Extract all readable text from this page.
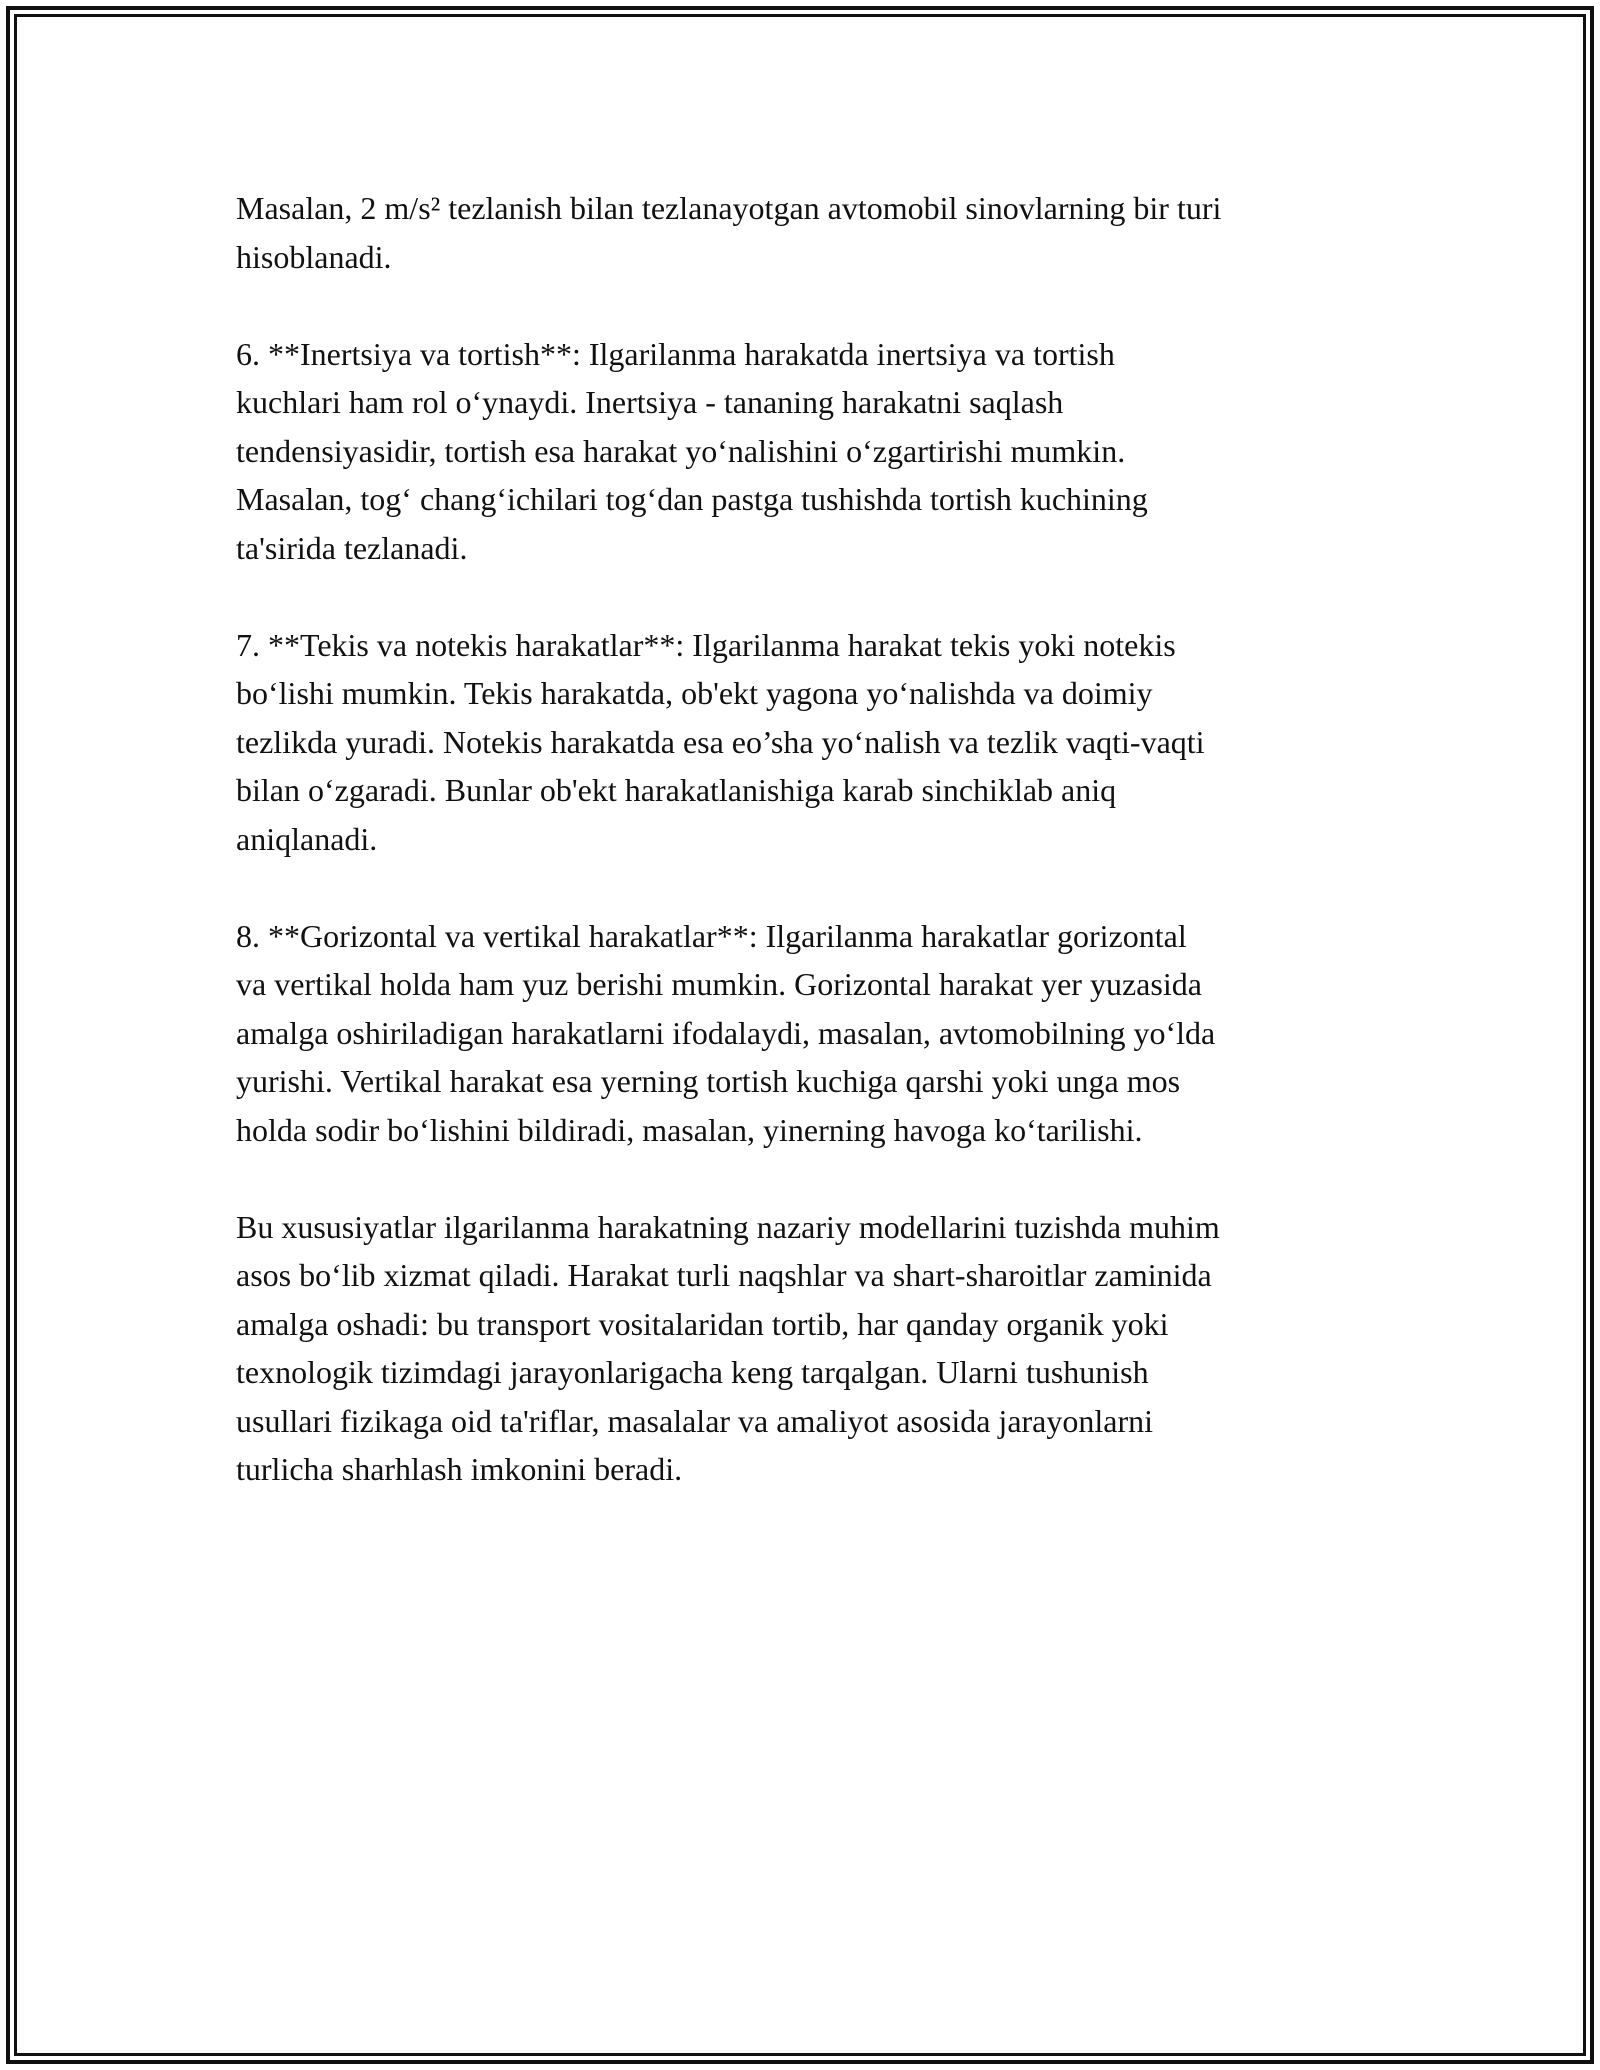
Masalan, 2 m/s² tezlanish bilan tezlanayotgan avtomobil sinovlarning bir turi
hisoblanadi.

6. **Inertsiya va tortish**: Ilgarilanma harakatda inertsiya va tortish
kuchlari ham rol o‘ynaydi. Inertsiya - tananing harakatni saqlash
tendensiyasidir, tortish esa harakat yo‘nalishini o‘zgartirishi mumkin.
Masalan, tog‘ chang‘ichilari tog‘dan pastga tushishda tortish kuchining
ta'sirida tezlanadi.

7. **Tekis va notekis harakatlar**: Ilgarilanma harakat tekis yoki notekis
bo‘lishi mumkin. Tekis harakatda, ob'ekt yagona yo‘nalishda va doimiy
tezlikda yuradi. Notekis harakatda esa eo’sha yo‘nalish va tezlik vaqti-vaqti
bilan o‘zgaradi. Bunlar ob'ekt harakatlanishiga karab sinchiklab aniq
aniqlanadi.

8. **Gorizontal va vertikal harakatlar**: Ilgarilanma harakatlar gorizontal
va vertikal holda ham yuz berishi mumkin. Gorizontal harakat yer yuzasida
amalga oshiriladigan harakatlarni ifodalaydi, masalan, avtomobilning yo‘lda
yurishi. Vertikal harakat esa yerning tortish kuchiga qarshi yoki unga mos
holda sodir bo‘lishini bildiradi, masalan, yinerning havoga ko‘tarilishi.

Bu xususiyatlar ilgarilanma harakatning nazariy modellarini tuzishda muhim
asos bo‘lib xizmat qiladi. Harakat turli naqshlar va shart-sharoitlar zaminida
amalga oshadi: bu transport vositalaridan tortib, har qanday organik yoki
texnologik tizimdagi jarayonlarigacha keng tarqalgan. Ularni tushunish
usullari fizikaga oid ta'riflar, masalalar va amaliyot asosida jarayonlarni
turlicha sharhlash imkonini beradi.
